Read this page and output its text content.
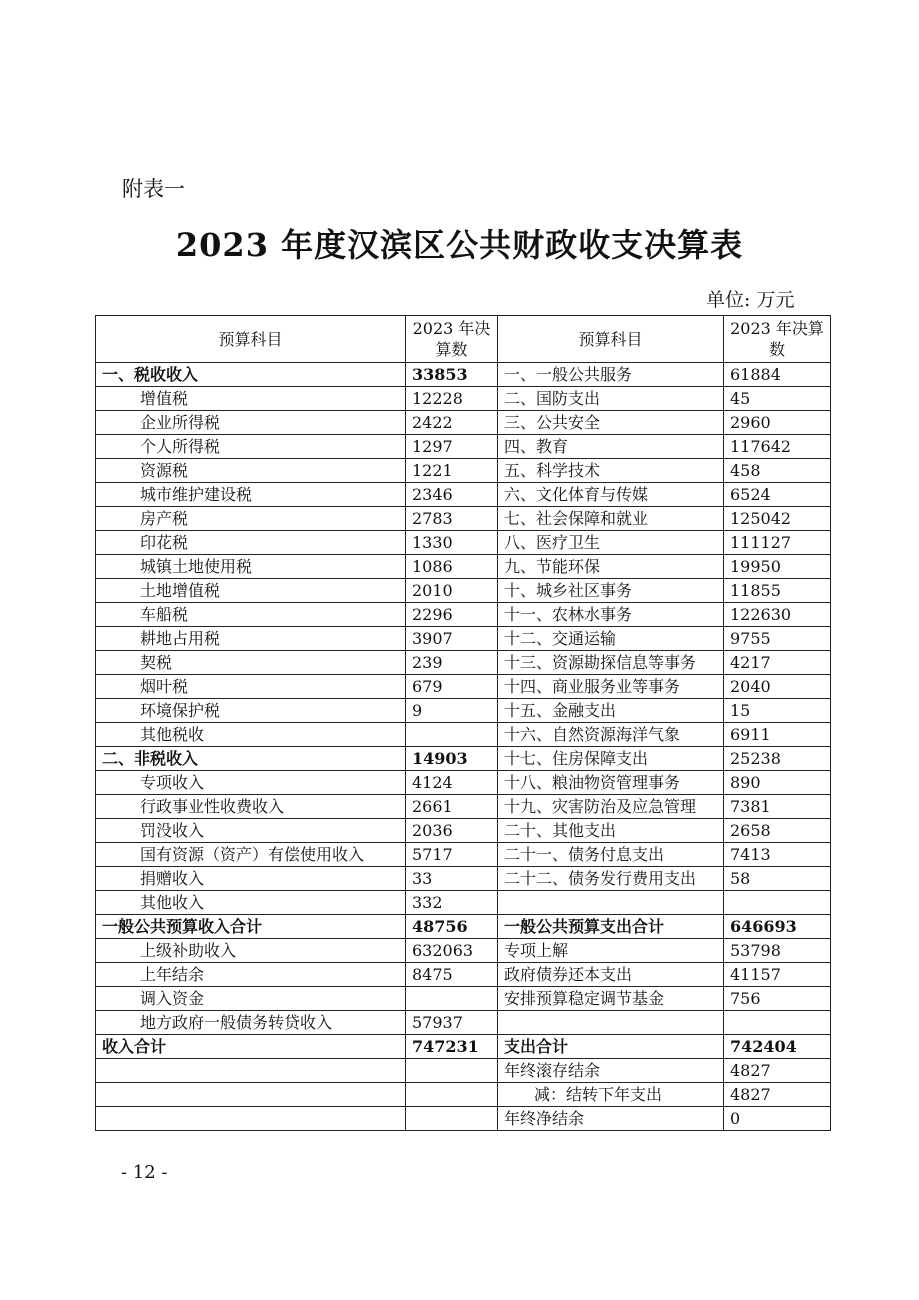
附表一
2023 年度汉滨区公共财政收支决算表
单位: 万元
预算科目	2023 年决算数	预算科目	2023 年决算数
一、税收收入	33853	一、一般公共服务	61884
增值税	12228	二、国防支出	45
企业所得税	2422	三、公共安全	2960
个人所得税	1297	四、教育	117642
资源税	1221	五、科学技术	458
城市维护建设税	2346	六、文化体育与传媒	6524
房产税	2783	七、社会保障和就业	125042
印花税	1330	八、医疗卫生	111127
城镇土地使用税	1086	九、节能环保	19950
土地增值税	2010	十、城乡社区事务	11855
车船税	2296	十一、农林水事务	122630
耕地占用税	3907	十二、交通运输	9755
契税	239	十三、资源勘探信息等事务	4217
烟叶税	679	十四、商业服务业等事务	2040
环境保护税	9	十五、金融支出	15
其他税收		十六、自然资源海洋气象	6911
二、非税收入	14903	十七、住房保障支出	25238
专项收入	4124	十八、粮油物资管理事务	890
行政事业性收费收入	2661	十九、灾害防治及应急管理	7381
罚没收入	2036	二十、其他支出	2658
国有资源（资产）有偿使用收入	5717	二十一、债务付息支出	7413
捐赠收入	33	二十二、债务发行费用支出	58
其他收入	332		
一般公共预算收入合计	48756	一般公共预算支出合计	646693
上级补助收入	632063	专项上解	53798
上年结余	8475	政府债券还本支出	41157
调入资金		安排预算稳定调节基金	756
地方政府一般债务转贷收入	57937		
收入合计	747231	支出合计	742404
		年终滚存结余	4827
		减：结转下年支出	4827
		年终净结余	0
- 12 -
